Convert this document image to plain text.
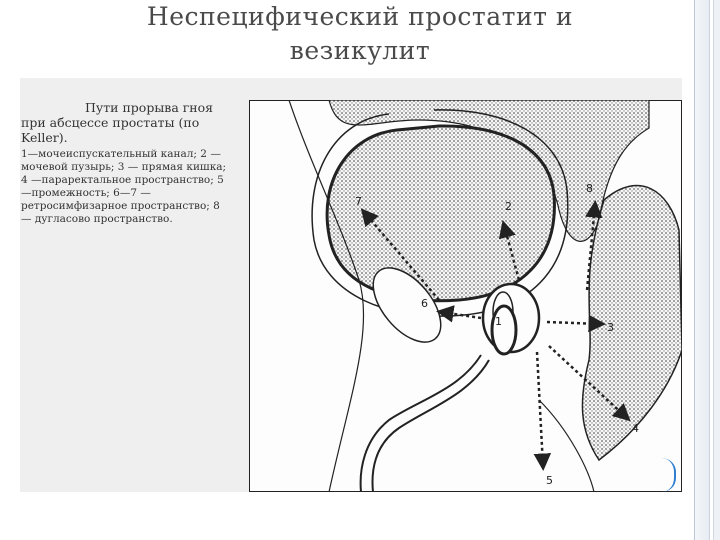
Неспецифический простатит и
везикулит
Пути прорыва гноя при абсцессе простаты (по Keller).
1—мочеиспускательный канал; 2 — мочевой пузырь; 3 — прямая кишка; 4 —параректальное пространство; 5—промежность; 6—7 — ретросимфизарное пространство; 8 — дугласово пространство.
7
6
2
8
3
4
5
1
